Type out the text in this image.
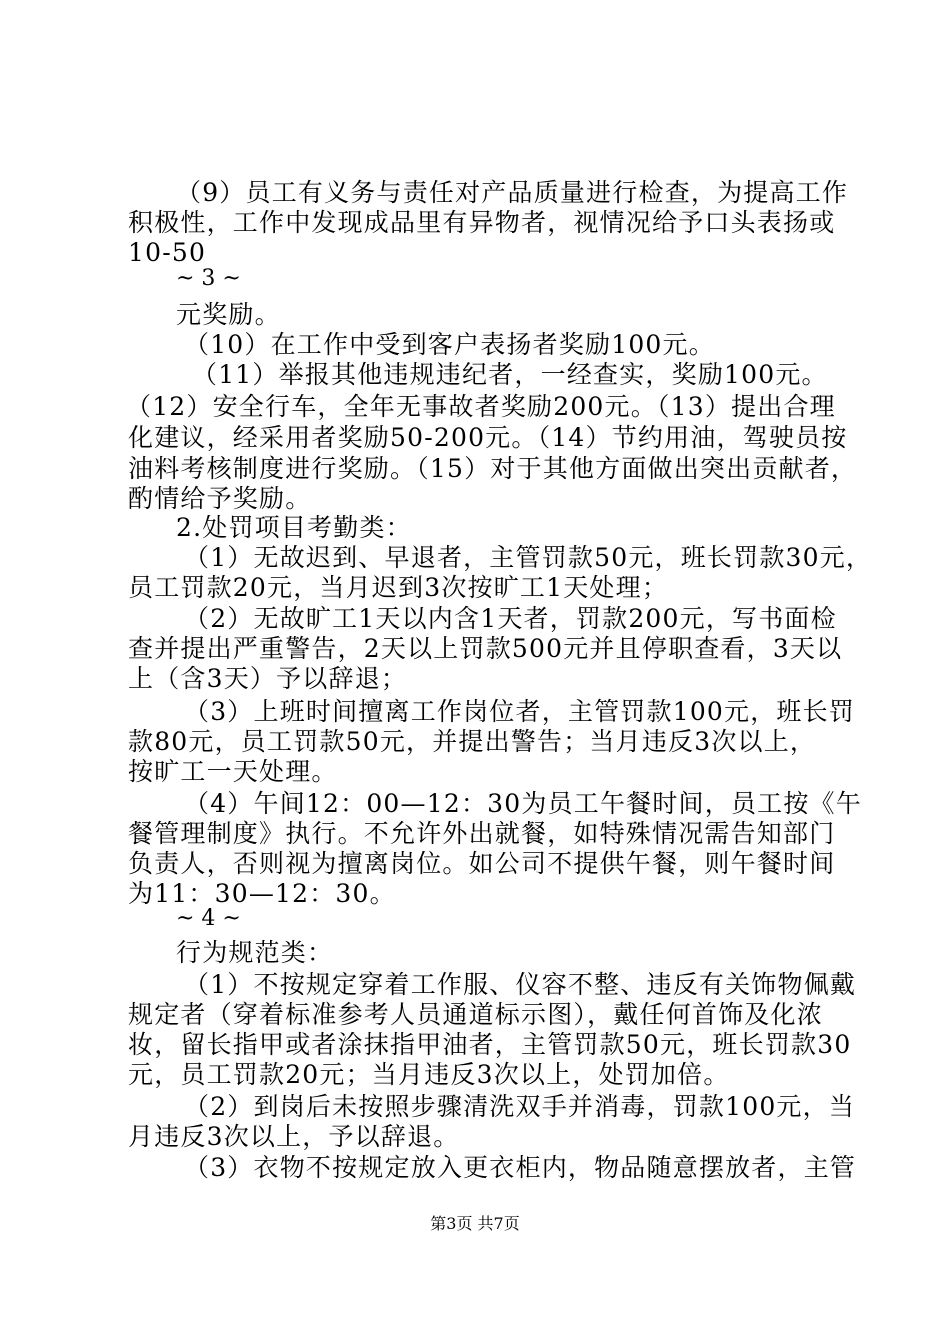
（9）员工有义务与责任对产品质量进行检查，为提高工作
积极性，工作中发现成品里有异物者，视情况给予口头表扬或
10-50
~ 3 ~
元奖励。
（10）在工作中受到客户表扬者奖励100元。
（11）举报其他违规违纪者，一经查实，奖励100元。
（12）安全行车，全年无事故者奖励200元。（13）提出合理
化建议，经采用者奖励50-200元。（14）节约用油，驾驶员按
油料考核制度进行奖励。（15）对于其他方面做出突出贡献者，
酌情给予奖励。
2.处罚项目考勤类：
（1）无故迟到、早退者，主管罚款50元，班长罚款30元，
员工罚款20元，当月迟到3次按旷工1天处理；
（2）无故旷工1天以内含1天者，罚款200元，写书面检
查并提出严重警告，2天以上罚款500元并且停职查看，3天以
上（含3天）予以辞退；
（3）上班时间擅离工作岗位者，主管罚款100元，班长罚
款80元，员工罚款50元，并提出警告；当月违反3次以上，
按旷工一天处理。
（4）午间12：00—12：30为员工午餐时间，员工按《午
餐管理制度》执行。不允许外出就餐，如特殊情况需告知部门
负责人，否则视为擅离岗位。如公司不提供午餐，则午餐时间
为11：30—12：30。
~ 4 ~
行为规范类：
（1）不按规定穿着工作服、仪容不整、违反有关饰物佩戴
规定者（穿着标准参考人员通道标示图），戴任何首饰及化浓
妆，留长指甲或者涂抹指甲油者，主管罚款50元，班长罚款30
元，员工罚款20元；当月违反3次以上，处罚加倍。
（2）到岗后未按照步骤清洗双手并消毒，罚款100元，当
月违反3次以上，予以辞退。
（3）衣物不按规定放入更衣柜内，物品随意摆放者，主管
第3页 共7页
